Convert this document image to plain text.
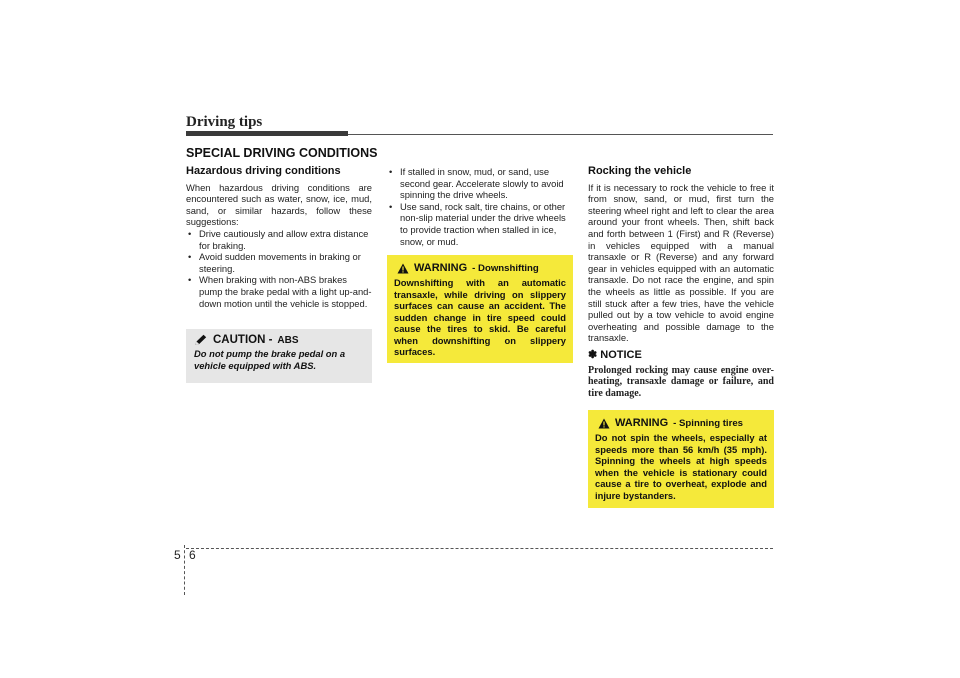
Driving tips
SPECIAL DRIVING CONDITIONS
Hazardous driving conditions

When hazardous driving conditions are encountered such as water, snow, ice, mud, sand, or similar hazards, follow these suggestions:

• Drive cautiously and allow extra distance for braking.
• Avoid sudden movements in braking or steering.
• When braking with non-ABS brakes pump the brake pedal with a light up-and-down motion until the vehicle is stopped.
CAUTION - ABS
Do not pump the brake pedal on a vehicle equipped with ABS.
• If stalled in snow, mud, or sand, use second gear. Accelerate slowly to avoid spinning the drive wheels.
• Use sand, rock salt, tire chains, or other non-slip material under the drive wheels to provide traction when stalled in ice, snow, or mud.
WARNING - Downshifting
Downshifting with an automatic transaxle, while driving on slippery surfaces can cause an accident. The sudden change in tire speed could cause the tires to skid. Be careful when downshifting on slippery surfaces.
Rocking the vehicle

If it is necessary to rock the vehicle to free it from snow, sand, or mud, first turn the steering wheel right and left to clear the area around your front wheels. Then, shift back and forth between 1 (First) and R (Reverse) in vehicles equipped with a manual transaxle or R (Reverse) and any forward gear in vehicles equipped with an automatic transaxle. Do not race the engine, and spin the wheels as little as possible. If you are still stuck after a few tries, have the vehicle pulled out by a tow vehicle to avoid engine overheating and possible damage to the transaxle.

✽ NOTICE
Prolonged rocking may cause engine over-heating, transaxle damage or failure, and tire damage.
WARNING - Spinning tires
Do not spin the wheels, especially at speeds more than 56 km/h (35 mph). Spinning the wheels at high speeds when the vehicle is stationary could cause a tire to overheat, explode and injure bystanders.
5 6
